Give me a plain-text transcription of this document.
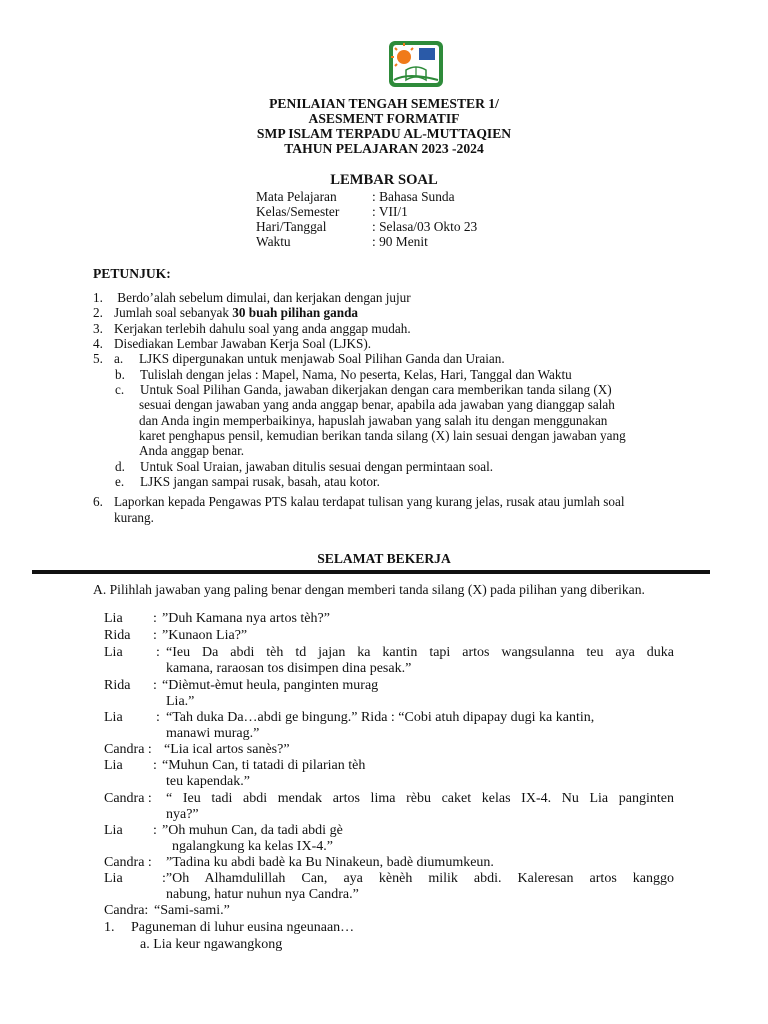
PENILAIAN TENGAH SEMESTER 1/
ASESMENT FORMATIF
SMP ISLAM TERPADU AL-MUTTAQIEN
TAHUN PELAJARAN 2023 -2024
LEMBAR SOAL
Mata Pelajaran	: Bahasa Sunda
Kelas/Semester : VII/1
Hari/Tanggal	: Selasa/03 Okto 23
Waktu	: 90 Menit
PETUNJUK:
1. Berdo’alah sebelum dimulai, dan kerjakan dengan jujur
2. Jumlah soal sebanyak 30 buah pilihan ganda
3. Kerjakan terlebih dahulu soal yang anda anggap mudah.
4. Disediakan Lembar Jawaban Kerja Soal (LJKS).
5. a. LJKS dipergunakan untuk menjawab Soal Pilihan Ganda dan Uraian.
b. Tulislah dengan jelas : Mapel, Nama, No peserta, Kelas, Hari, Tanggal dan Waktu
c. Untuk Soal Pilihan Ganda, jawaban dikerjakan dengan cara memberikan tanda silang (X)
sesuai dengan jawaban yang anda anggap benar, apabila ada jawaban yang dianggap salah
dan Anda ingin memperbaikinya, hapuslah jawaban yang salah itu dengan menggunakan
karet penghapus pensil, kemudian berikan tanda silang (X) lain sesuai dengan jawaban yang
Anda anggap benar.
d. Untuk Soal Uraian, jawaban ditulis sesuai dengan permintaan soal.
e. LJKS jangan sampai rusak, basah, atau kotor.
6. Laporkan kepada Pengawas PTS kalau terdapat tulisan yang kurang jelas, rusak atau jumlah soal
kurang.
SELAMAT BEKERJA
A. Pilihlah jawaban yang paling benar dengan memberi tanda silang (X) pada pilihan yang diberikan.
Lia : ”Duh Kamana nya artos tèh?”
Rida : ”Kunaon Lia?”
Lia : “Ieu Da abdi tèh td jajan ka kantin tapi artos wangsulanna teu aya duka
kamana, raraosan tos disimpen dina pesak.”
Rida : “Dièmut-èmut heula, panginten murag
Lia.”
Lia : “Tah duka Da…abdi ge bingung.” Rida : “Cobi atuh dipapay dugi ka kantin,
manawi murag.”
Candra : “Lia ical artos sanès?”
Lia : “Muhun Can, ti tatadi di pilarian tèh
teu kapendak.”
Candra : “ Ieu tadi abdi mendak artos lima rèbu caket kelas IX-4. Nu Lia panginten
nya?”
Lia : ”Oh muhun Can, da tadi abdi gè
ngalangkung ka kelas IX-4.”
Candra : ”Tadina ku abdi badè ka Bu Ninakeun, badè diumumkeun.
Lia	:”Oh Alhamdulillah Can, aya kènèh milik abdi. Kaleresan artos kanggo
nabung, hatur nuhun nya Candra.”
Candra: “Sami-sami.”
1. Paguneman di luhur eusina ngeunaan…
a. Lia keur ngawangkong
